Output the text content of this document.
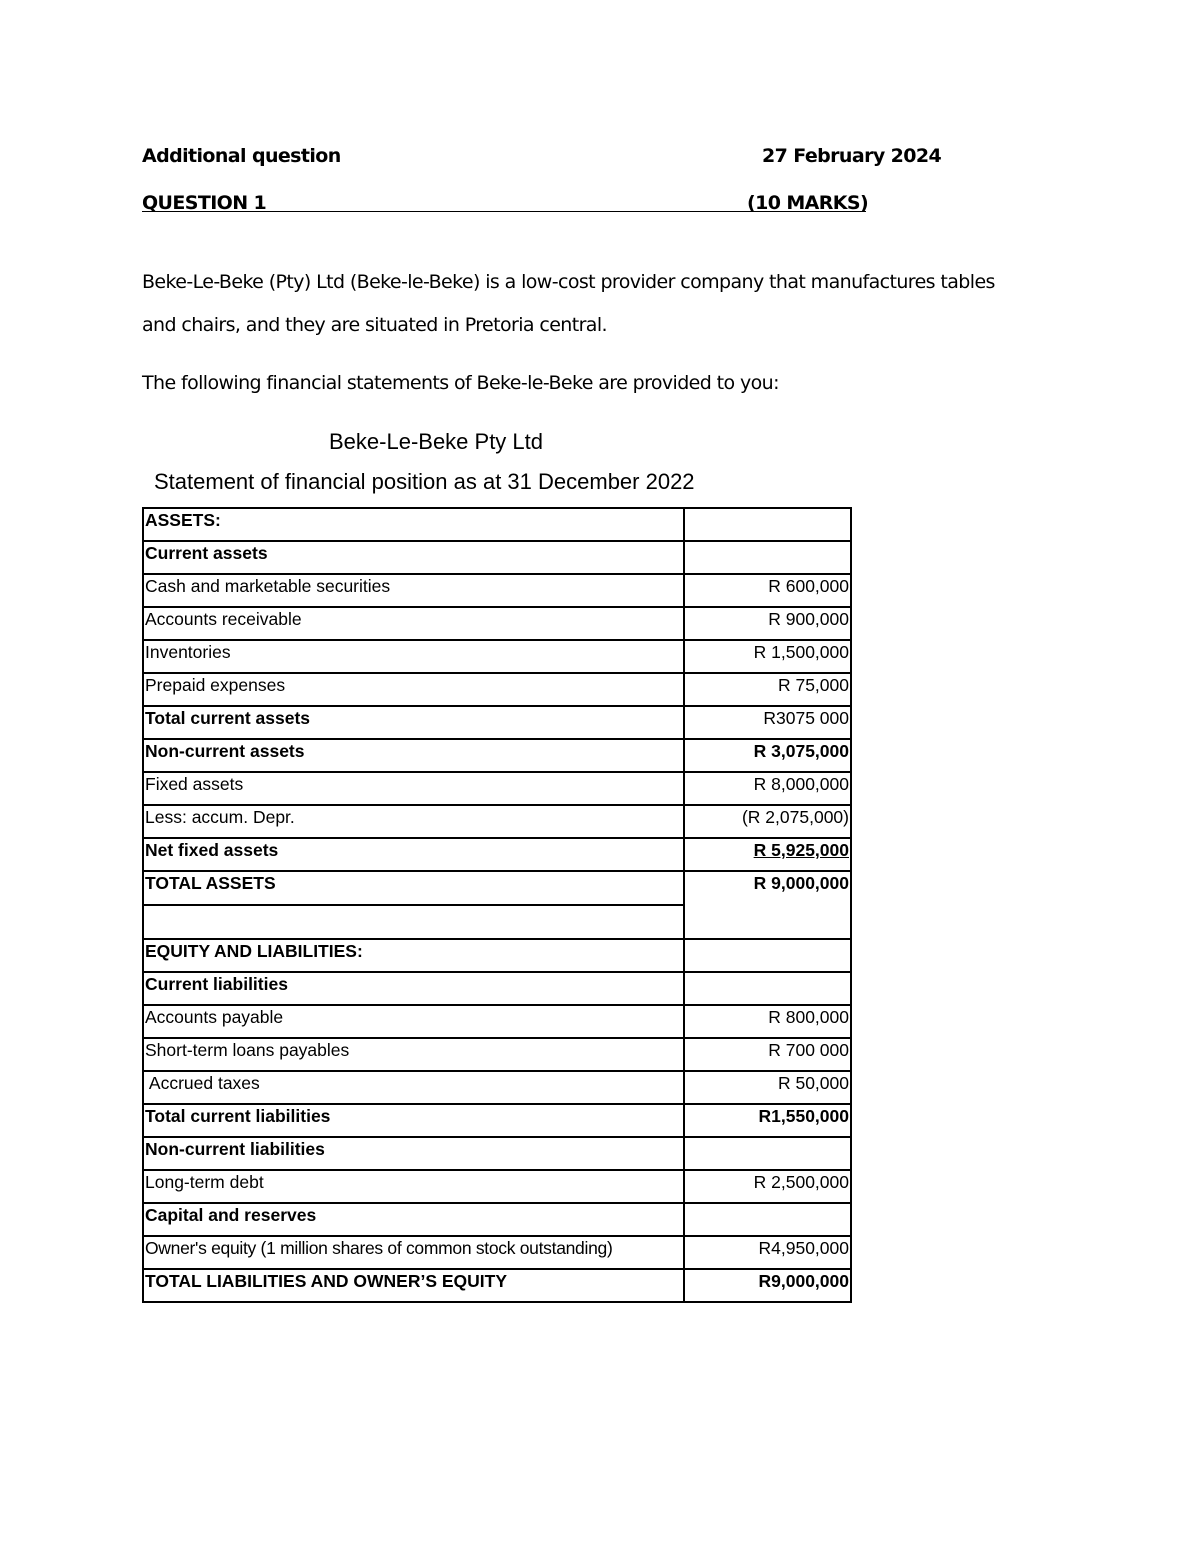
Additional question	27 February 2024
QUESTION 1	(10 MARKS)
Beke-Le-Beke (Pty) Ltd (Beke-le-Beke) is a low-cost provider company that manufactures tables
and chairs, and they are situated in Pretoria central.
The following financial statements of Beke-le-Beke are provided to you:
Beke-Le-Beke Pty Ltd
Statement of financial position as at 31 December 2022
ASSETS:	
Current assets	
Cash and marketable securities	R 600,000
Accounts receivable	R 900,000
Inventories	R 1,500,000
Prepaid expenses	R 75,000
Total current assets	R3075 000
Non-current assets	R 3,075,000
Fixed assets	R 8,000,000
Less: accum. Depr.	(R 2,075,000)
Net fixed assets	R 5,925,000
TOTAL ASSETS	R 9,000,000

EQUITY AND LIABILITIES:	
Current liabilities	
Accounts payable	R 800,000
Short-term loans payables	R 700 000
Accrued taxes	R 50,000
Total current liabilities	R1,550,000
Non-current liabilities	
Long-term debt	R 2,500,000
Capital and reserves	
Owner's equity (1 million shares of common stock outstanding)	R4,950,000
TOTAL LIABILITIES AND OWNER’S EQUITY	R9,000,000
